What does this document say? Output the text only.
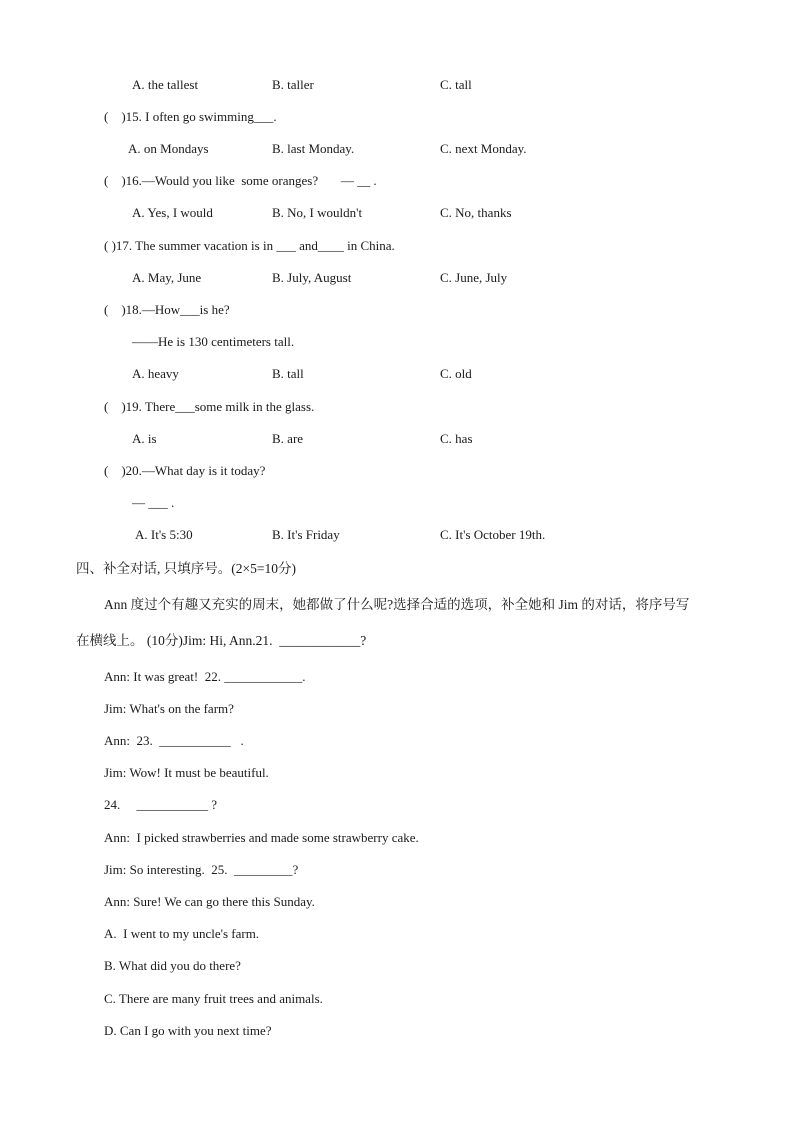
A. the tallest	B. taller	C. tall
(    )15. I often go swimming___.
A. on Mondays	B. last Monday.	C. next Monday.
(    )16.—Would you like  some oranges?       — __ .
A. Yes, I would	B. No, I wouldn't	C. No, thanks
( )17. The summer vacation is in ___ and____ in China.
A. May, June	B. July, August	C. June, July
(    )18.—How___is he?
——He is 130 centimeters tall.
A. heavy	B. tall	C. old
(    )19. There___some milk in the glass.
A. is	B. are	C. has
(    )20.—What day is it today?
— ___ .
A. It's 5:30	B. It's Friday	C. It's October 19th.
四、补全对话, 只填序号。(2×5=10分)
Ann 度过个有趣又充实的周末，她都做了什么呢?选择合适的选项，补全她和 Jim 的对话，将序号写
在横线上。 (10分)Jim: Hi, Ann.21.  ____________?
Ann: It was great!  22. ____________.
Jim: What's on the farm?
Ann:  23.  ___________   .
Jim: Wow! It must be beautiful.
24.     ___________ ?
Ann:  I picked strawberries and made some strawberry cake.
Jim: So interesting.  25.  _________?
Ann: Sure! We can go there this Sunday.
A.  I went to my uncle's farm.
B. What did you do there?
C. There are many fruit trees and animals.
D. Can I go with you next time?
